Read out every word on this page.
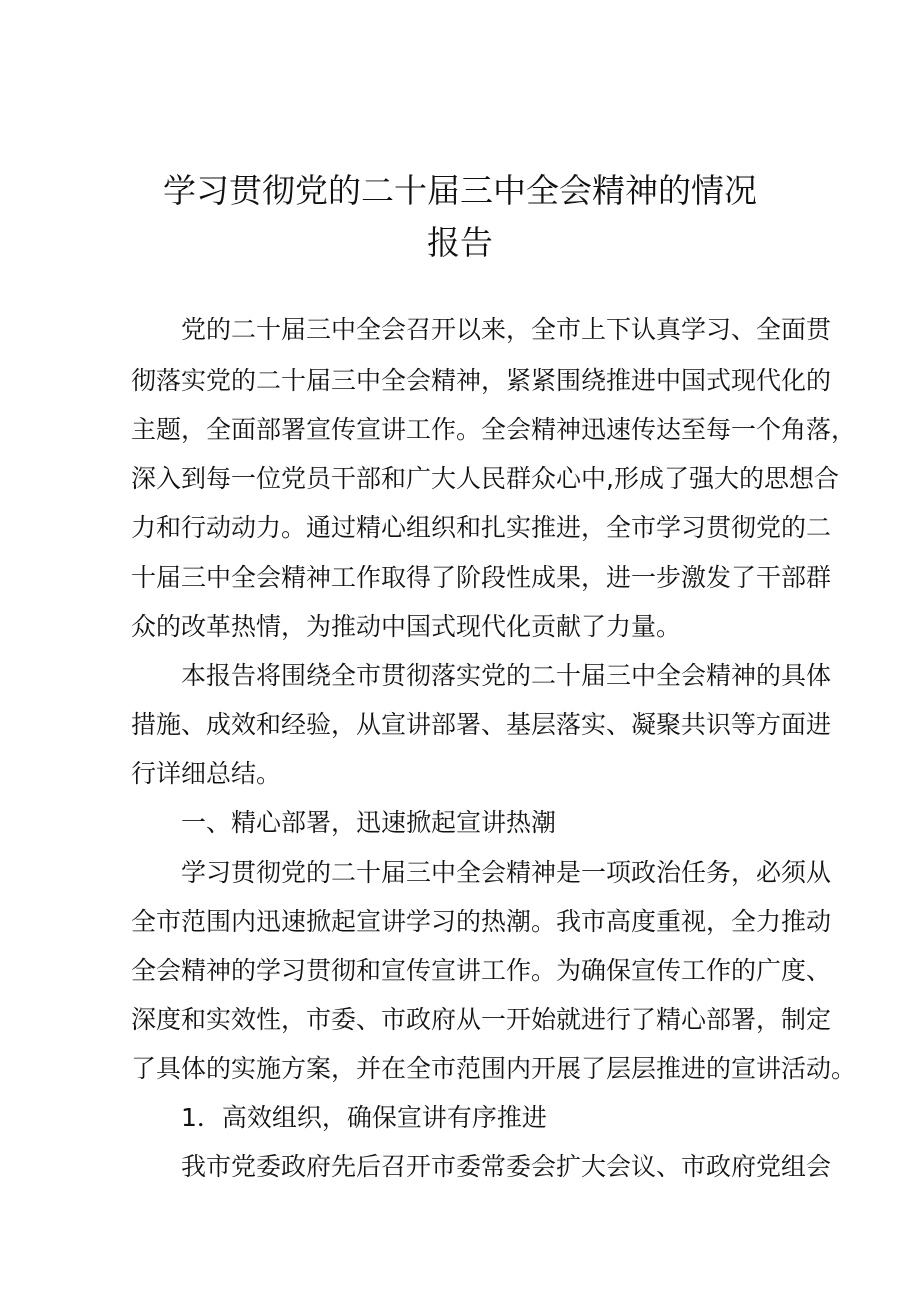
学习贯彻党的二十届三中全会精神的情况
报告
党的二十届三中全会召开以来，全市上下认真学习、全面贯
彻落实党的二十届三中全会精神，紧紧围绕推进中国式现代化的
主题，全面部署宣传宣讲工作。全会精神迅速传达至每一个角落，
深入到每一位党员干部和广大人民群众心中,形成了强大的思想合
力和行动动力。通过精心组织和扎实推进，全市学习贯彻党的二
十届三中全会精神工作取得了阶段性成果，进一步激发了干部群
众的改革热情，为推动中国式现代化贡献了力量。
本报告将围绕全市贯彻落实党的二十届三中全会精神的具体
措施、成效和经验，从宣讲部署、基层落实、凝聚共识等方面进
行详细总结。
一、精心部署，迅速掀起宣讲热潮
学习贯彻党的二十届三中全会精神是一项政治任务，必须从
全市范围内迅速掀起宣讲学习的热潮。我市高度重视，全力推动
全会精神的学习贯彻和宣传宣讲工作。为确保宣传工作的广度、
深度和实效性，市委、市政府从一开始就进行了精心部署，制定
了具体的实施方案，并在全市范围内开展了层层推进的宣讲活动。
1．高效组织，确保宣讲有序推进
我市党委政府先后召开市委常委会扩大会议、市政府党组会
